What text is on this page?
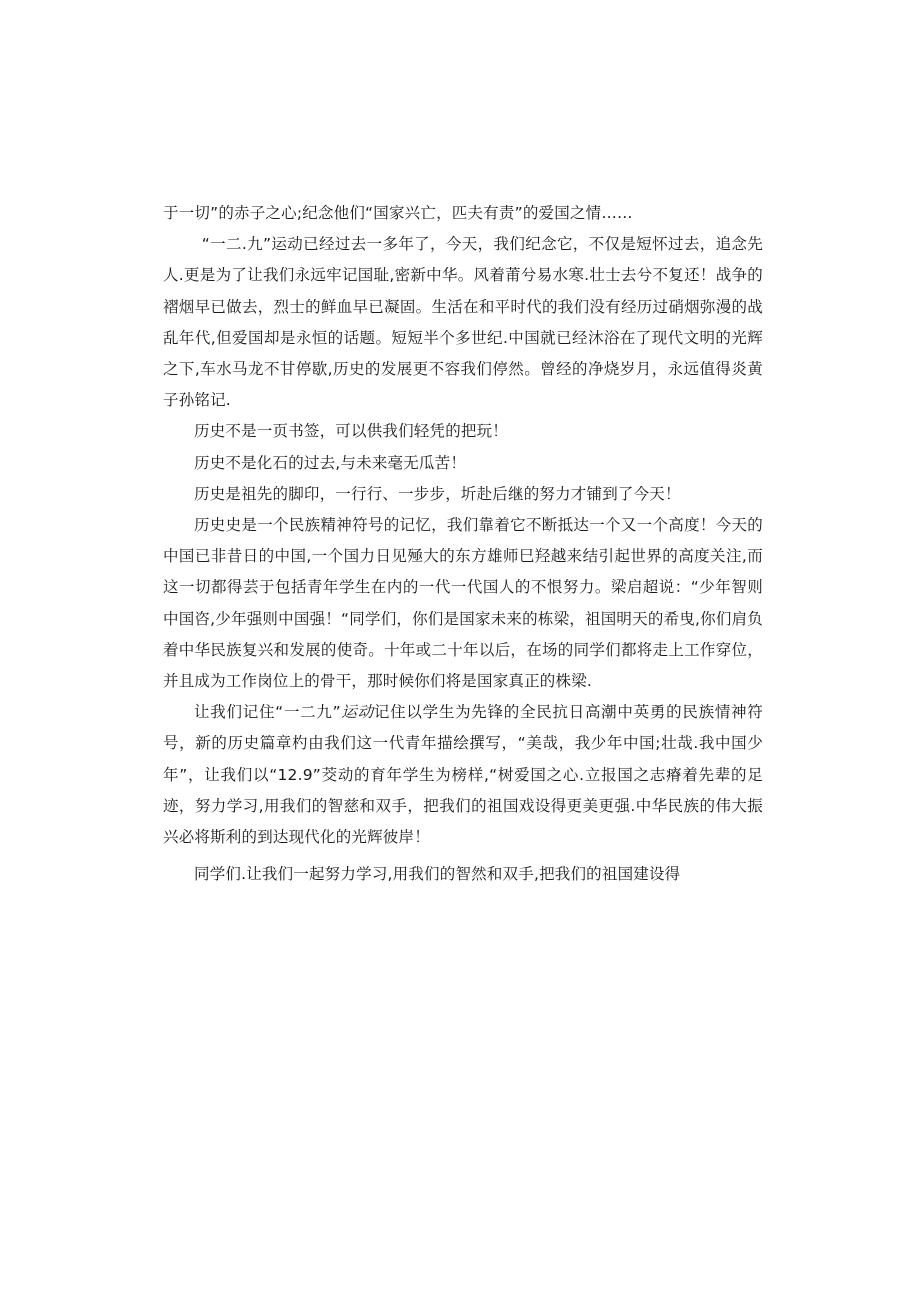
于一切”的赤子之心;纪念他们“国家兴亡，匹夫有责”的爱国之情……

“一二.九”运动已经过去一多年了，今天，我们纪念它，不仅是短怀过去，追念先人.更是为了让我们永远牢记国耻,密新中华。风着莆兮易水寒.壮士去兮不复还！战争的褶烟早已做去，烈士的鲜血早已凝固。生活在和平时代的我们没有经历过硝烟弥漫的战乱年代,但爱国却是永恒的话题。短短半个多世纪.中国就已经沐浴在了现代文明的光辉之下,车水马龙不甘停歇,历史的发展更不容我们停然。曾经的净烧岁月，永远值得炎黄子孙铭记.

历史不是一页书签，可以供我们轻凭的把玩！

历史不是化石的过去,与未来毫无瓜苦！

历史是祖先的脚印，一行行、一步步，圻赴后继的努力才铺到了今天！

历史史是一个民族精神符号的记忆，我们靠着它不断抵达一个又一个高度！今天的中国已非昔日的中国,一个国力日见殛大的东方雄师巳羟越来结引起世界的高度关注,而这一切都得芸于包括青年学生在内的一代一代国人的不恨努力。梁启超说：“少年智则中国咨,少年强则中国强！“同学们，你们是国家未来的栋梁，祖国明天的希曳,你们肩负着中华民族复兴和发展的使奇。十年或二十年以后，在场的同学们都将走上工作穿位，并且成为工作岗位上的骨干，那时候你们将是国家真正的株梁.

让我们记住“一二九”运动记住以学生为先锋的全民抗日高潮中英勇的民族情神符号，新的历史篇章杓由我们这一代青年描绘撰写，“美哉，我少年中国;壮哉.我中国少年”，让我们以“12.9”茭动的育年学生为榜样,“树爱国之心.立报国之志瘠着先辈的足迹，努力学习,用我们的智慈和双手，把我们的祖国戏设得更美更强.中华民族的伟大振兴必将斯利的到达现代化的光辉彼岸！

同学们.让我们一起努力学习,用我们的智然和双手,把我们的祖国建设得
